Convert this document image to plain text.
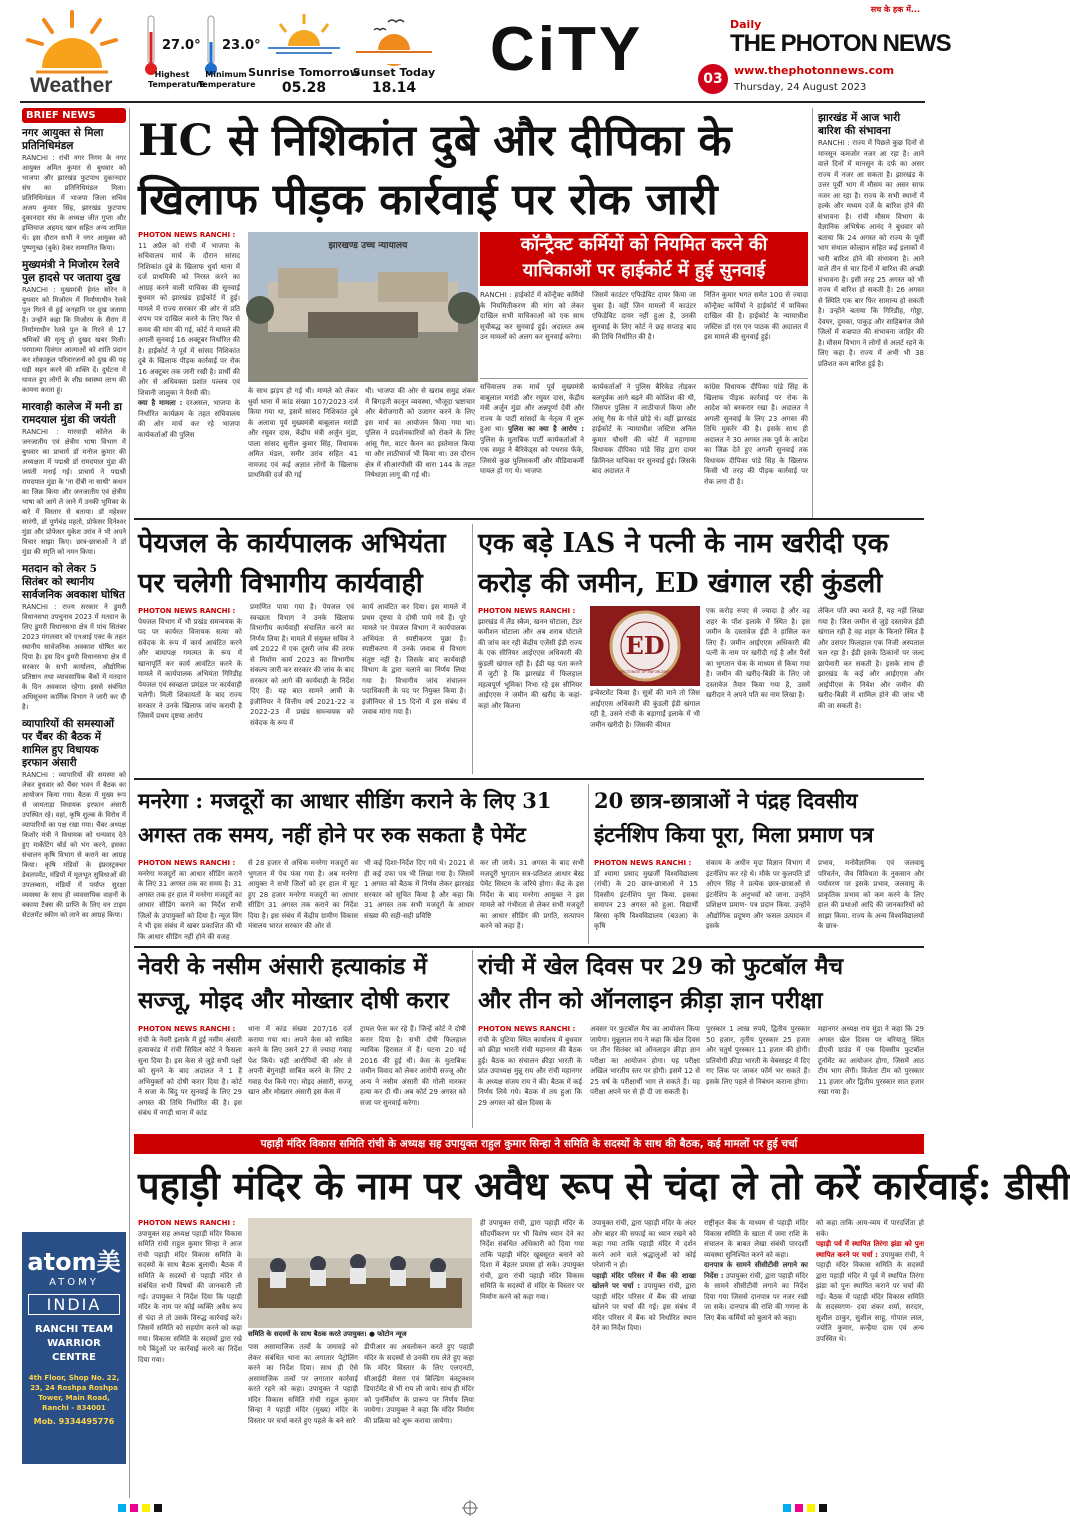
Weather
27.0°
Highest Temperature
23.0°
Minimum Temperature
Sunrise Tomorrow
05.28
Sunset Today
18.14
CiTY
सच के हक में...
Daily
THE PHOTON NEWS
03
www.thephotonnews.com
Thursday, 24 August 2023
BRIEF NEWS
नगर आयुक्त से मिला प्रतिनिधिमंडल
RANCHI : रांची नगर निगम के नगर आयुक्त अमित कुमार से बुधवार को भाजपा और झारखंड फुटपाथ दुकानदार संघ का प्रतिनिधिमंडल मिला। प्रतिनिधिमंडल में भाजपा जिला सचिव अजय कुमार सिंह, झारखंड फुटपाथ दुकानदार संघ के अध्यक्ष जीत गुप्ता और इम्तियाज अहमद खान सहित अन्य शामिल थे। इस दौरान सभी ने नगर आयुक्त को पुष्पगुच्छ (बुके) देकर सम्मानित किया।
मुख्यमंत्री ने मिजोरम रेलवे पुल हादसे पर जताया दुख
RANCHI : मुख्यमंत्री हेमंत सोरेन ने बुधवार को मिजोरम में निर्माणाधीन रेलवे पुल गिरने से हुई जनहानि पर दुख जताया है। उन्होंने कहा कि मिजोरम के सैरांग में निर्माणाधीन रेलवे पुल के गिरने से 17 श्रमिकों की मृत्यु हो दुखद खबर मिली। परमात्मा दिवंगत आत्माओं को शांति प्रदान कर शोकाकुल परिवारजनों को दुख की यह घड़ी सहन करने की शक्ति दें। दुर्घटना में घायल हुए लोगों के शीघ्र स्वास्थ्य लाभ की कामना करता हूं।
मारवाड़ी कालेज में मनी डा रामदयाल मुंडा की जयंती
RANCHI : मारवाड़ी कॉलेज के जनजातीय एवं क्षेत्रीय भाषा विभाग में बुधवार का प्राचार्य डॉ मनोज कुमार की अध्यक्षता में पद्मश्री डॉ रामदयाल मुंडा की जयंती मनाई गई। प्राचार्य ने पद्मश्री रामदयाल मुंडा के 'ना दीबी ना साथी' कथन का जिक्र किया और जनजातीय एवं क्षेत्रीय भाषा को आगे ले जाने में उनकी भूमिका के बारे में विस्तार से बताया। डॉ महेश्वर सारंगी, डॉ पूर्णचंद्र महतो, प्रोफेसर दिनेश्वर मुंडा और प्रोफेसर मुकेश उरांव ने भी अपने विचार साझा किए। छात्र-छात्राओं ने डॉ मुंडा की स्मृति को नमन किया।
मतदान को लेकर 5 सितंबर को स्थानीय सार्वजनिक अवकाश घोषित
RANCHI : राज्य सरकार ने डुमरी विधानसभा उपचुनाव 2023 में मतदान के लिए डुमरी विधानसभा क्षेत्र में पांच सितंबर 2023 मंगलवार को एनआई एक्ट के तहत स्थानीय सार्वजनिक अवकाश घोषित कर दिया है। इस दिन डुमरी विधानसभा क्षेत्र में सरकार के सभी कार्यालय, औद्योगिक प्रतिष्ठान तथा व्यावसायिक बैंकों में मतदान के दिन अवकाश रहेगा। इससे संबंधित अधिसूचना कार्मिक विभाग ने जारी कर दी है।
व्यापारियों की समस्याओं पर चैंबर की बैठक में शामिल हुए विधायक इरफान अंसारी
RANCHI : व्यापारियों की समस्या को लेकर बुधवार को चैंबर भवन में बैठक का आयोजन किया गया। बैठक में मुख्य रूप से जामताड़ा विधायक इरफान अंसारी उपस्थित रहे। वहां, कृषि शुल्क के विरोध में व्यापारियों का पक्ष रखा गया। चैंबर अध्यक्ष किशोर मंत्री ने विधायक को धन्यवाद देते हुए मार्केटिंग बोर्ड को भंग करने, इसका संचालन कृषि विभाग से कराने का आग्रह किया। कृषि मंडियों के इंफ्रास्ट्रक्चर डेवलपमेंट, मंडियों में मूलभूत सुविधाओं की उपलब्धता, मंडियों में पर्याप्त सुरक्षा व्यवस्था के साथ ही व्यवसायिक वाहनों के बकाया टैक्स की प्राप्ति के लिए वन टाइम सेटलमेंट स्कीम को लाने का आग्रह किया।
atom美
ATOMY
INDIA
RANCHI TEAM WARRIOR CENTRE
4th Floor, Shop No. 22, 23, 24 Roshpa Roshpa Tower, Main Road, Ranchi - 834001
Mob. 9334495776
HC से निशिकांत दुबे और दीपिका के
खिलाफ पीड़क कार्रवाई पर रोक जारी
PHOTON NEWS RANCHI :
11 अप्रैल को रांची में भाजपा के सचिवालय मार्च के दौरान सांसद निशिकांत दुबे के खिलाफ धुर्वा थाना में दर्ज प्राथमिकी को निरस्त करने का आग्रह करने वाली याचिका की सुनवाई बुधवार को झारखंड हाईकोर्ट में हुई। मामले में राज्य सरकार की ओर से प्रति शपथ पत्र दाखिल करने के लिए फिर से समय की मांग की गई, कोर्ट ने मामले की अगली सुनवाई 16 अक्टूबर निर्धारित की है। हाईकोर्ट ने पूर्व में सांसद निशिकांत दुबे के खिलाफ पीड़क कार्रवाई पर रोक 16 अक्टूबर तक जारी रखी है। प्रार्थी की ओर से अधिवक्ता प्रशांत पल्लव एवं शिवानी जालुका ने पैरवी की।
क्या है मामला : दरअसल, भाजपा के निर्धारित कार्यक्रम के तहत सचिवालय की ओर मार्च कर रहे भाजपा कार्यकर्ताओं की पुलिस
झारखण्ड उच्च न्यायालय
के साथ झड़प हो गई थी। मामले को लेकर धुर्वा थाना में कांड संख्या 107/2023 दर्ज किया गया था, इसमें सांसद निशिकांत दुबे के अलावा पूर्व मुख्यमंत्री बाबूलाल मरांडी और रघुवर दास, केंद्रीय मंत्री अर्जुन मुंडा, पाला सांसद सुनील कुमार सिंह, विधायक अमित मंडल, समीर उरांव सहित 41 नामजद एवं कई अज्ञात लोगों के खिलाफ प्राथमिकी दर्ज की गई
थी। भाजपा की ओर से खराब समुद्र शंकर में बिगड़ती कानून व्यवस्था, भौजूदा भ्रष्टाचार और बेरोजगारी को उजागर करने के लिए इस मार्च का आयोजन किया गया था। पुलिस ने प्रदर्शनकारियों को रोकने के लिए आंसू गैस, वाटर कैनन का इस्तेमाल किया था और लाठीचार्ज भी किया था। उस दौरान क्षेत्र में सीआरपीसी की धारा 144 के तहत निषेधाज्ञा लागू की गई थी।
कॉन्ट्रैक्ट कर्मियों को नियमित करने की
याचिकाओं पर हाईकोर्ट में हुई सुनवाई
RANCHI : हाईकोर्ट में कॉन्ट्रैक्ट कर्मियों के नियमितीकरण की मांग को लेकर दाखिल सभी याचिकाओं को एक साथ सूचीबद्ध कर सुनवाई हुई। अदालत अब उन मामलों को अलग कर सुनवाई करेगा।
जिसमें काउंटर एफिडेविट दायर किया जा चुका है। वहीं जिन मामलों में काउंटर एफिडेविट दायर नहीं हुआ है, उनकी सुनवाई के लिए कोर्ट ने छह सप्ताह बाद की तिथि निर्धारित की है।
नितिन कुमार भगत समेत 100 से ज्यादा कॉन्ट्रैक्ट कर्मियों ने हाईकोर्ट में याचिका दाखिल की है। हाईकोर्ट के न्यायाधीश जस्टिस डॉ एस एन पाठक की अदालत में इस मामले की सुनवाई हुई।
सचिवालय तक मार्च पूर्व मुख्यमंत्री बाबूलाल मरांडी और रघुवर दास, केंद्रीय मंत्री अर्जुन मुंडा और अन्नपूर्णा देवी और राज्य के पार्टी सांसदों के नेतृत्व में शुरू हुआ था। पुलिस का क्या है आरोप : पुलिस के मुताबिक पार्टी कार्यकर्ताओं ने एक समूह ने बैरिकेड्स को पथराव फेंके, जिससे कुछ पुलिसकर्मी और मीडियाकर्मी घायल हो गए थे। भाजपा
कार्यकर्ताओं ने पुलिस बैरिकेड तोड़कर बलपूर्वक आगे बढ़ने की कोशिश की थी, जिसपर पुलिस ने लाठीचार्ज किया और आंसू गैस के गोले छोड़े थे। वहीं झारखंड हाईकोर्ट के न्यायाधीश जस्टिस अनिल कुमार चौधरी की कोर्ट में महागामा विधायक दीपिका पांडे सिंह द्वारा दायर क्रिमिनल याचिका पर सुनवाई हुई। जिसके बाद अदालत ने
कांग्रेस विधायक दीपिका पांडे सिंह के खिलाफ पीड़क कार्रवाई पर रोक के आदेश को बरकरार रखा है। अदालत ने अगली सुनवाई के लिए 23 अगस्त की तिथि मुकर्रर की है। इसके साथ ही अदालत ने 30 अगस्त तक पूर्व के आदेश का जिक्र देते हुए अगली सुनवाई तक विधायक दीपिका पांडे सिंह के खिलाफ किसी भी तरह की पीड़क कार्रवाई पर रोक लगा दी है।
झारखंड में आज भारी बारिश की संभावना
RANCHI : राज्य में पिछले कुछ दिनों से मानसून कमजोर नजर आ रहा है। आने वाले दिनों में मानसून के दर्फ का असर राज्य में नजर आ सकता है। झारखंड के उत्तर पूर्वी भाग में मौसम का असर साफ नजर आ रहा है। राज्य के सभी स्थानों में हल्के और मध्यम दर्जे के बारिश होने की संभावना है। रांची मौसम विभाग के वैज्ञानिक अभिषेक आनंद ने बुधवार को बताया कि 24 अगस्त को राज्य के पूर्वी भाग संथाल कोल्हान सहित कई इलाकों में भारी बारिश होने की संभावना है। आने वाले तीन से चार दिनों में बारिश की अच्छी संभावना है। इसी तरह 25 अगस्त को भी राज्य में बारिश हो सकती है। 26 अगस्त से स्थिति एक बार फिर सामान्य हो सकती है। उन्होंने बताया कि गिरिडीह, गोड्डा, देवघर, दुमका, पाकुड़ और साहिबगंज जैसे जिलों में वज्रपात की संभावना जाहिर की है। मौसम विभाग ने लोगों से अलर्ट रहने के लिए कहा है। राज्य में अभी भी 38 प्रतिशत कम बारिश हुई है।
पेयजल के कार्यपालक अभियंता
पर चलेगी विभागीय कार्यवाही
PHOTON NEWS RANCHI :
पेयजल विभाग में भी प्रखंड समन्वयक के पद पर कार्यरत विनायक सत्या को संवेदक के रूप में कार्य आवंटित करने और बायापक्ष गमत्मत के रूप में खानापूर्ति कर कार्य आवंटित करने के मामले में कार्यपालक अभियंता गिरिडीह पेयजल एवं स्वच्छता प्रमंडल पर कार्यवाही चलेगी। मिली शिकायतों के बाद राज्य सरकार ने उनके खिलाफ जांच करायी है जिसमें प्रथम दृष्टया आरोप
प्रमाणित पाया गया है। पेयजल एवं स्वच्छता विभाग ने उनके खिलाफ विभागीय कार्यवाही संचालित करने का निर्णय लिया है। मामले में संयुक्त सचिव ने वर्ष 2022 में एक दूसरी जांच की तरफ से निर्माण कार्य 2023 का विभागीय संकल्प जारी कर सरकार की जांच के बाद सरकार को आगे की कार्यवाही के निर्देश दिए हैं। यह बात सामने आयी के इंजीनियर ने वित्तीय वर्ष 2021-22 व 2022-23 में प्रखंड समन्वयक को संवेदक के रूप में
कार्य आवंटित कर दिया। इस मामले में प्रथम दृष्टया वे दोषी पाये गये हैं। पूरे मामले पर पेयजल विभाग ने कार्यपालक अभियंता से स्पष्टीकरण पूछा है। स्पष्टीकरण में उनके जवाब से विभाग संतुष्ट नहीं है। जिसके बाद कार्यवाही विभाग के द्वारा चलाने का निर्णय लिया गया है। विभागीय जांच संचालन पदाधिकारी के पद पर नियुक्त किया है। इंजीनियर से 15 दिनों में इस संबंध में जवाब मांगा गया है।
एक बड़े IAS ने पत्नी के नाम खरीदी एक
करोड़ की जमीन, ED खंगाल रही कुंडली
PHOTON NEWS RANCHI :
झारखंड में लैंड स्कैम, खनन घोटाला, टेंडर कमीशन घोटाला और अब शराब घोटाले की जांच कर रही केंद्रीय एजेंसी ईडी राज्य के एक सीनियर आईएएस अधिकारी की कुंडली खंगाल रही है। ईडी यह पता करने में जुटी है कि झारखंड में फिलहाल महत्वपूर्ण भूमिका निभा रहे इस सीनियर आईएएस ने जमीन की खरीद के कहां-कहां और कितना
ED
DIRECTORATE OF ENFORCEMENT
इन्वेस्टमेंट किया है। सूत्रों की माने तो जिस आईएएस अधिकारी की कुंडली ईडी खंगाल रही है, उसने रांची के बड़ागाईं इलाके में भी जमीन खरीदी है। जिसकी कीमत
एक करोड़ रुपए से ज्यादा है और वह शहर के पॉश इलाके में स्थित है। इस जमीन के दस्तावेज ईडी ने हासिल कर लिए हैं। जमीन आईएएस अधिकारी की पत्नी के नाम पर खरीदी गई है और पैसों का भुगतान चेक के माध्यम से किया गया है। जमीन की खरीद-बिक्री के लिए जो दस्तावेज तैयार किया गया है, उसमें खरीदार ने अपने पति का नाम लिखा है।
लेकिन पति क्या करते हैं, यह नहीं लिखा गया है। जिस जमीन से जुड़े दस्तावेज ईडी खंगाल रही है वह शहर के किनारे स्थित है और उसपर फिलहाल एक निजी अस्पताल चल रहा है। ईडी इसके ठिकानों पर जल्द छापेमारी कर सकती है। इसके साथ ही झारखंड के कई और आईएएस और आईपीएस के निवेश और जमीन की खरीद-बिक्री में शामिल होने की जांच भी की जा सकती है।
मनरेगा : मजदूरों का आधार सीडिंग कराने के लिए 31
अगस्त तक समय, नहीं होने पर रुक सकता है पेमेंट
PHOTON NEWS RANCHI :
मनरेगा मजदूरों का आधार सीडिंग कराने के लिए 31 अगस्त तक का समय है। 31 अगस्त तक हर हाल में मनरेगा मजदूरों का आधार सीडिंग कराने का निर्देश सभी जिलों के उपायुक्तों को दिया है। न्यूज विंग ने भी इस संबंध में खबर प्रकाशित की थी कि आधार सीडिंग नहीं होने की वजह
से 28 हजार से अधिक मनरेगा मजदूरों का भुगतान में पेच फंस गया है। अब मनरेगा आयुक्त ने सभी जिलों को हर हाल में सूट हुए 28 हजार मनरेगा मजदूरों का आधार सीडिंग 31 अगस्त तक कराने का निर्देश दिया है। इस संबंध में केंद्रीय ग्रामीण विकास मंत्रालय भारत सरकार की ओर से
भी कई दिशा-निर्देश दिए गये थे। 2021 से ही कई दफा पत्र भी लिखा गया है। जिसमें 1 अगस्त को बैठक में निर्णय लेकर झारखंड सरकार को सूचित किया है और कहा कि 31 अगस्त तक सभी मजदूरों के आधार संख्या की सही-सही प्रविष्टि
कर ली जाये। 31 अगस्त के बाद सभी मजदूरी भुगतान सत्र-प्रतिशत आधार बेस्ड पेमेंट सिस्टम के जरिये होगा। केंद्र के इस निर्देश के बाद मनरेगा आयुक्त ने इस मामले को गंभीरता से लेकर सभी मजदूरों का आधार सीडिंग की प्रगति, सत्यापन करने को कहा है।
20 छात्र-छात्राओं ने पंद्रह दिवसीय
इंटर्नशिप किया पूरा, मिला प्रमाण पत्र
PHOTON NEWS RANCHI :
डॉ श्यामा प्रसाद मुखर्जी विश्वविद्यालय (रांची) के 20 छात्र-छात्राओं ने 15 दिवसीय इंटर्नशिप पूरा किया. इसका समापन 23 अगस्त को हुआ. विद्यार्थी बिरसा कृषि विश्वविद्यालय (बउआ) के कृषि
संकाय के अधीन मृदा विज्ञान विभाग में इंटर्नशिप कर रहे थे। मौके पर कुलपति डॉ ओएन सिंह ने प्रत्येक छात्र-छात्राओं से इंटर्नशिप के अनुभवों को जाना. उन्होंने प्रशिक्षण प्रमाण- पत्र प्रदान किया. उन्होंने औद्योगिक प्रदूषण और फसल उत्पादन में इसके
प्रभाव, मनोवैज्ञानिक एवं जलवायु परिवर्तन, जैव विविधता के नुकसान और पर्यावरण पर इसके प्रभाव, जलवायु के प्राकृतिक प्रभाव को कम करने के लिए हाल की प्रथाओं आदि की जानकारियों को साझा किया. राज्य के अन्य विश्वविद्यालयों के छात्र-
नेवरी के नसीम अंसारी हत्याकांड में
सज्जू, मोइद और मोख्तार दोषी करार
PHOTON NEWS RANCHI :
रांची के नेवरी इलाके में हुई नसीम अंसारी हत्याकांड में रांची सिविल कोर्ट ने फैसला सुना दिया है। इस केस से जुड़े सभी पक्षों को सुनने के बाद अदालत ने 1 हैं अभियुक्तों को दोषी करार दिया है। कोर्ट ने सजा के बिंदु पर सुनवाई के लिए 29 अगस्त की तिथि निर्धारित की है। इस संबंध में नगड़ी थाना में कांड
थाना में कांड संख्या 207/16 दर्ज कराया गया था। अपने केस को साबित करने के लिए उसने 27 से ज्यादा गवाह पेश किये। वहीं आरोपियों की ओर से अपनी बेगुनाही साबित करने के लिए 2 गवाह पेश किये गए। मोइद अंसारी, सज्जू खान और मोख्तार अंसारी इस केस में
ट्रायल फेस कर रहे हैं। जिन्हें कोर्ट ने दोषी करार दिया है। सभी दोषी फिलहाल न्यायिक हिरासत में हैं। घटना 20 मई 2016 की हुई थी। केस के मुताबिक जमीन विवाद को लेकर आरोपी सज्जू और अन्य ने नसीम अंसारी की गोली मारकर हत्या कर दी थी। अब कोर्ट 29 अगस्त को सजा पर सुनवाई करेगा।
रांची में खेल दिवस पर 29 को फुटबॉल मैच
और तीन को ऑनलाइन क्रीड़ा ज्ञान परीक्षा
PHOTON NEWS RANCHI :
रांची के चुटिया स्थित कार्यालय में बुधवार को क्रीड़ा भारती रांची महानगर की बैठक हुई। बैठक का संचालन क्रीड़ा भारती के प्रांत उपाध्यक्ष मुन्नू राय और रांची महानगर के अध्यक्ष संजय राय ने की। बैठक में कई निर्णय लिये गये। बैठक में तय हुआ कि 29 अगस्त को खेल दिवस के
अवसर पर फुटबॉल मैच का आयोजन किया जायेगा। मुन्नूलाल राय ने कहा कि खेल दिवस पर तीन सितंबर को ऑनलाइन क्रीड़ा ज्ञान परीक्षा का आयोजन होगा। यह परीक्षा अखिल भारतीय स्तर पर होगी। इसमें 12 से 25 वर्ष के परीक्षार्थी भाग ले सकते हैं। यह परीक्षा अपने घर से ही दी जा सकती है।
पुरस्कार 1 लाख रुपये, द्वितीय पुरस्कार 50 हजार, तृतीय पुरस्कार 25 हजार और चतुर्थ पुरस्कार 11 हजार की होगी। प्रतियोगी क्रीड़ा भारती के वेबसाइट में दिए गए लिंक पर जाकर फॉर्म भर सकते हैं। इसके लिए पहले से निबंधन कराना होगा।
महानगर अध्यक्ष राय मुंडा ने कहा कि 29 अगस्त खेल दिवस पर बरियातू स्थित डीएवी ग्राउंड में एक दिवसीय फुटबॉल टूर्नामेंट का आयोजन होगा, जिसमें आठ टीम भाग लेंगी। विजेता टीम को पुरस्कार 11 हजार और द्वितीय पुरस्कार सात हजार रखा गया है।
पहाड़ी मंदिर विकास समिति रांची के अध्यक्ष सह उपायुक्त राहुल कुमार सिन्हा ने समिति के सदस्यों के साथ की बैठक, कई मामलों पर हुई चर्चा
पहाड़ी मंदिर के नाम पर अवैध रूप से चंदा ले तो करें कार्रवाई: डीसी
PHOTON NEWS RANCHI :
उपायुक्त सह अध्यक्ष पहाड़ी मंदिर विकास समिति रांची राहुल कुमार सिन्हा ने आज रांची पहाड़ी मंदिर विकास समिति के सदस्यों के साथ बैठक बुलायी। बैठक में समिति के सदस्यों से पहाड़ी मंदिर से संबंधित सभी विषयों की जानकारी ली गई। उपायुक्त ने निर्देश दिया कि पहाड़ी मंदिर के नाम पर कोई व्यक्ति अवैध रूप से चंदा ले तो उसके विरुद्ध कार्रवाई करें। जिसमें समिति को सहयोग करने को कहा गया। विकास समिति के सदस्यों द्वारा रखे गये बिंदुओं पर कार्रवाई करने का निर्देश दिया गया।
समिति के सदस्यों के साथ बैठक करते उपायुक्त। ● फोटोन न्यूज
पास असामाजिक तत्वों के जमावड़े को लेकर संबंधित थाना का लगातार पेट्रोलिंग करने का निर्देश दिया। साथ ही ऐसे असामाजिक तत्वों पर लगातार कार्रवाई करते रहने को कहा। उपायुक्त ने पहाड़ी मंदिर विकास समिति रांची राहुल कुमार सिन्हा ने पहाड़ी मंदिर (मुख्य) मंदिर के विस्तार पर चर्चा करते हुए पहले के बने सारे
डीपीआर का अवलोकन करते हुए पहाड़ी मंदिर के सदस्यों से उनकी राय लेते हुए कहा कि मंदिर विस्तार के लिए एलएनटी, सीआईटी मेसरा एवं बिल्डिंग कंस्ट्रक्शन डिपार्टमेंट से भी राय ली जाये। साथ ही मंदिर को पुनर्निर्माण के प्रारूप पर निर्णय लिया जायेगा। उपायुक्त ने कहा कि मंदिर निर्माण की प्रक्रिया को शुरू कराया जायेगा।
ही उपायुक्त रांची, द्वारा पहाड़ी मंदिर के सौंदर्यीकरण पर भी विशेष ध्यान देने का निर्देश संबंधित अधिकारी को दिया गया ताकि पहाड़ी मंदिर खूबसूरत बनाने को दिशा में बेहतर प्रयास हो सके। उपायुक्त रांची, द्वारा रांची पहाड़ी मंदिर विकास समिति के सदस्यों से मंदिर के विस्तार पर निर्माण करने को कहा गया।
उपायुक्त रांची, द्वारा पहाड़ी मंदिर के अंदर और बाहर की सफाई का ध्यान रखने को कहा गया ताकि पहाड़ी मंदिर में दर्शन करने आने वाले श्रद्धालुओं को कोई परेशानी न हो।
पहाड़ी मंदिर परिसर में बैंक की शाखा खोलने पर चर्चा : उपायुक्त रांची, द्वारा पहाड़ी मंदिर परिसर में बैंक की शाखा खोलने पर चर्चा की गई। इस संबंध में मंदिर परिसर में बैंक को निर्धारित स्थान देने का निर्देश दिया।
राष्ट्रीकृत बैंक के माध्यम से पहाड़ी मंदिर विकास समिति के खाता में जमा राशि के संचालन के बाबत लेखा संबंधी पारदर्शी व्यवस्था सुनिश्चित करने को कहा।
दानपात्र के सामने सीसीटीवी लगाने का निर्देश : उपायुक्त रांची, द्वारा पहाड़ी मंदिर के सामने सीसीटीवी लगाने का निर्देश दिया गया जिससे दानपात्र पर नजर रखी जा सके। दानपात्र की राशि की गणना के लिए बैंक कर्मियों को बुलाने को कहा।
को कहा ताकि आय-व्यय में पारदर्शिता हो सके।
पहाड़ी पर्व में स्थापित तिरंगा झंडा को पुनः स्थापित करने पर चर्चा : उपायुक्त रांची, ने पहाड़ी मंदिर विकास समिति के सदस्यों द्वारा पहाड़ी मंदिर में पूर्व में स्थापित तिरंगा झंडा को पुनः स्थापित कराने पर चर्चा की गई। बैठक में पहाड़ी मंदिर विकास समिति के सदस्यगण- दया शंकर शर्मा, सरदार, सुशील ठाकुर, सुशील साहू, गोपाल लाल, ज्योति कुमार, कन्हैया दास एवं अन्य उपस्थित थे।
